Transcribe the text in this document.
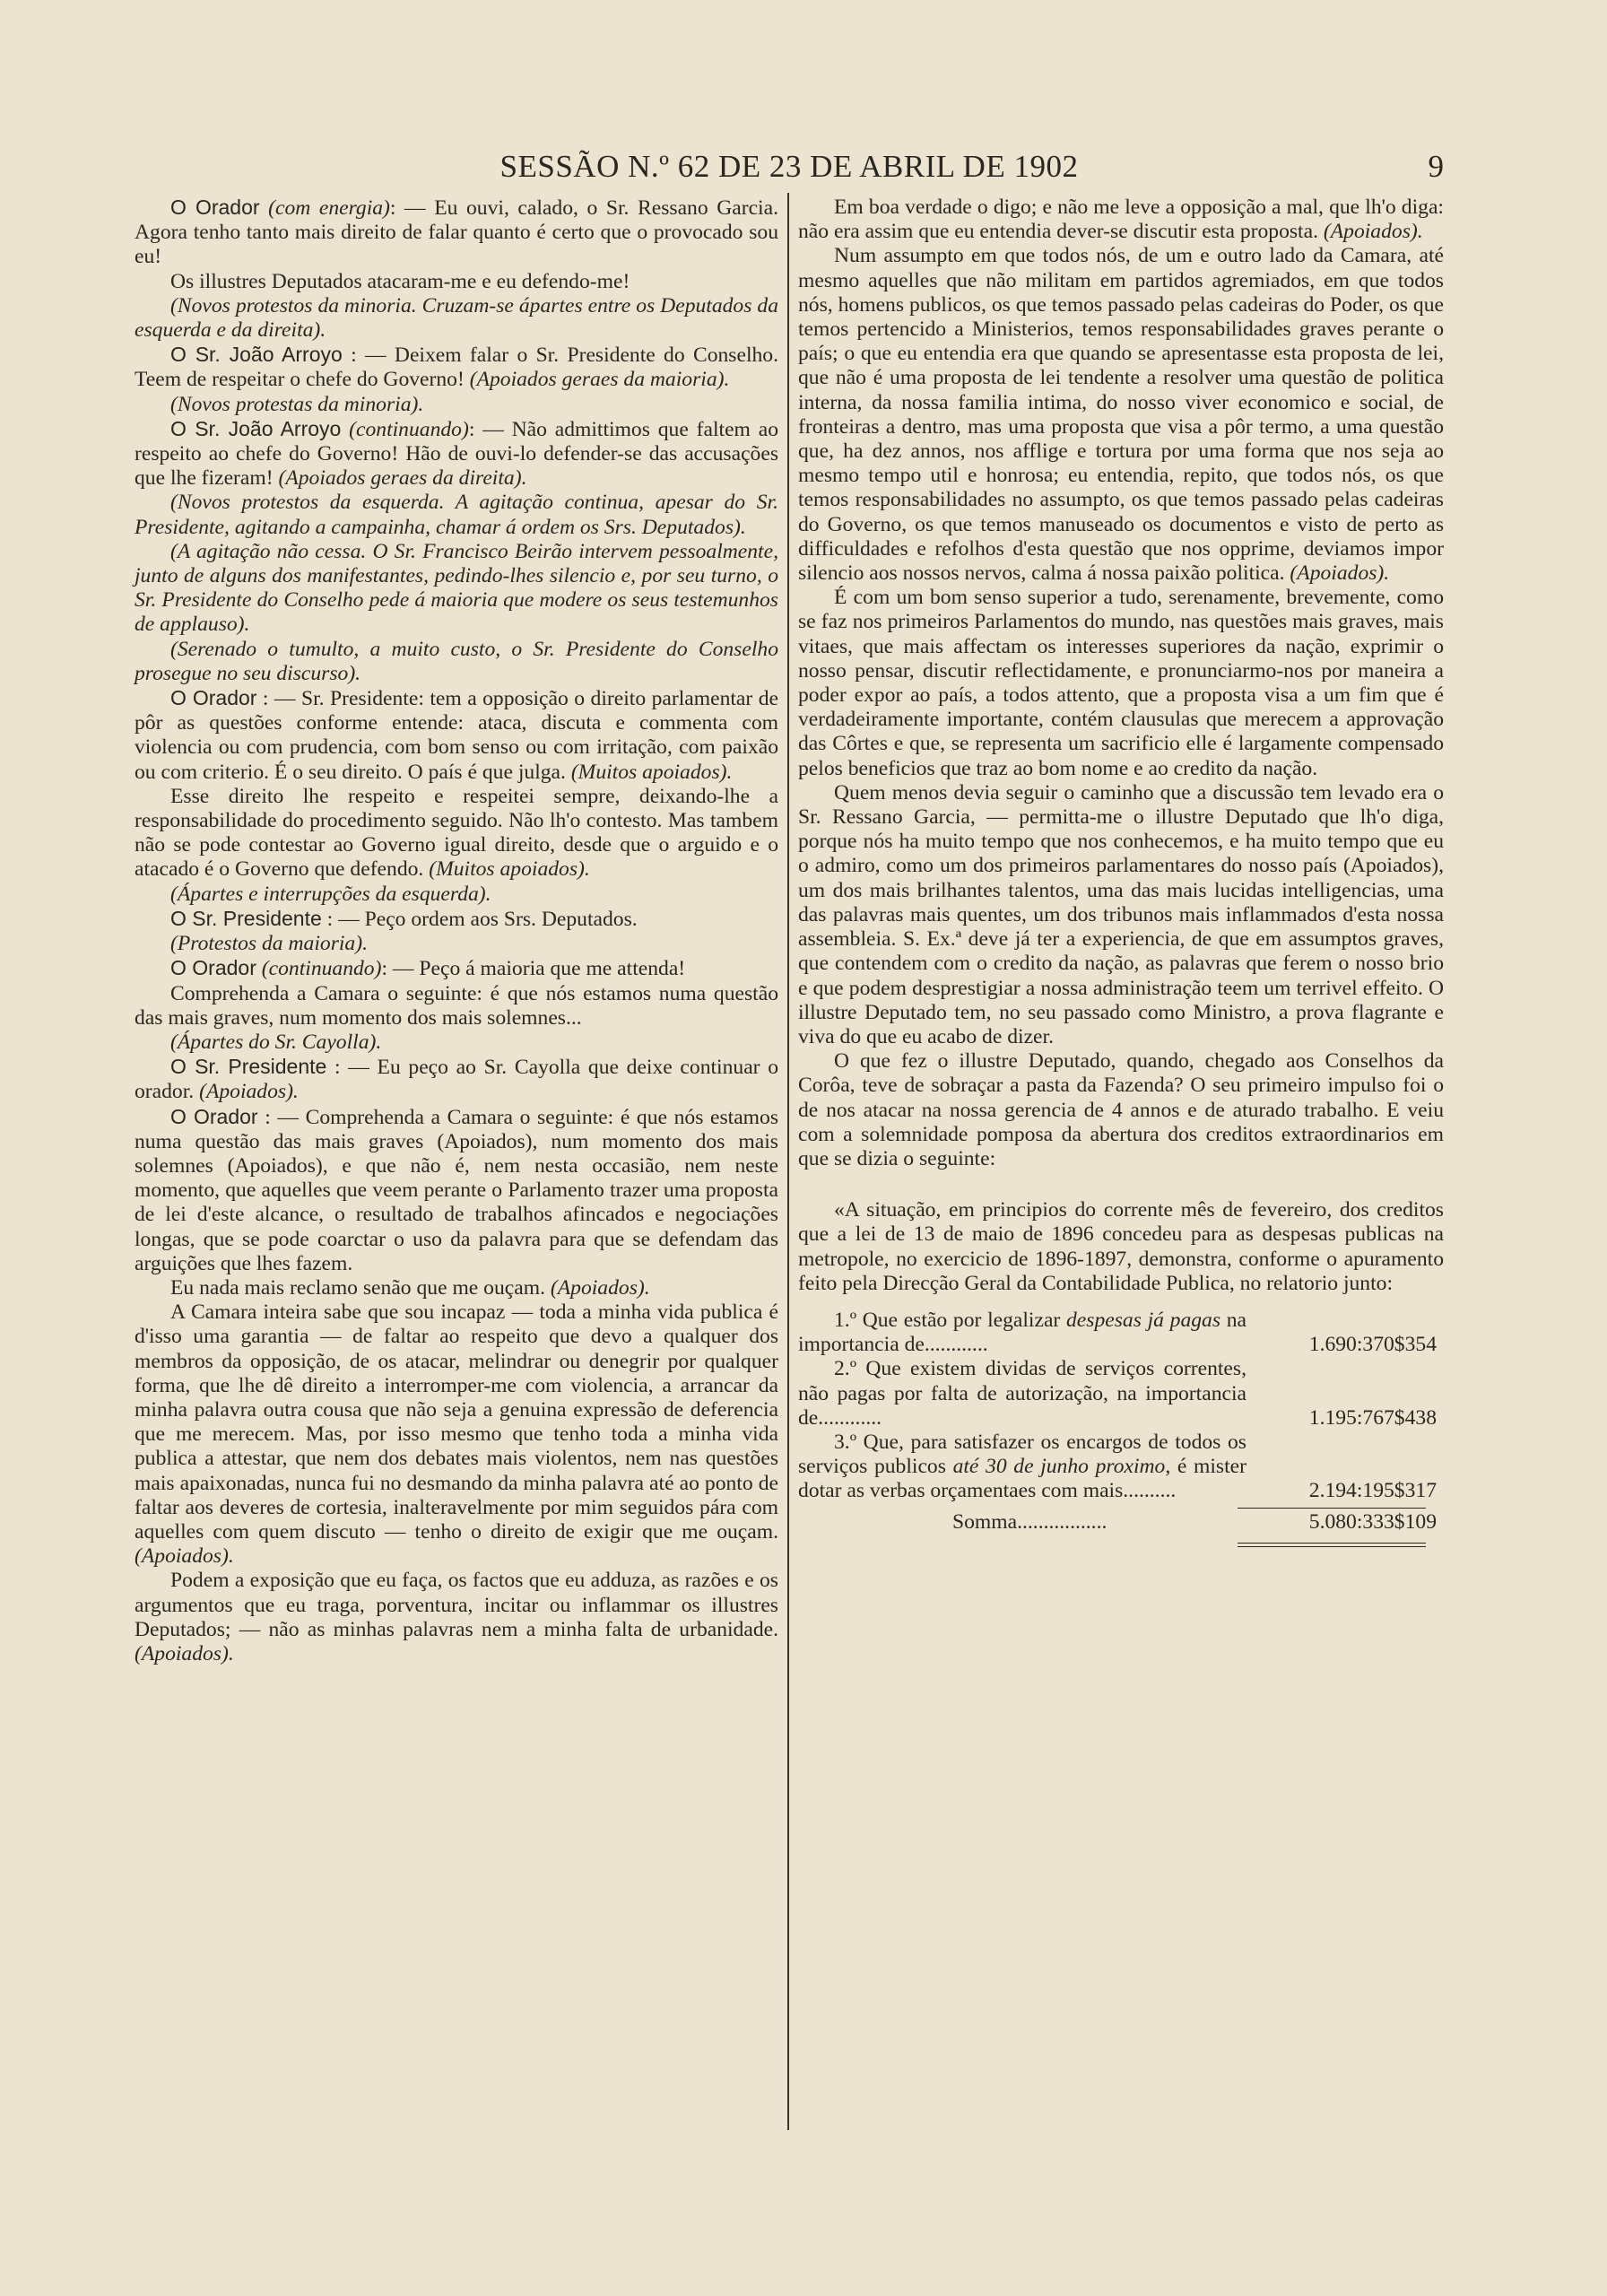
SESSÃO N.º 62 DE 23 DE ABRIL DE 1902	9

O Orador (com energia): — Eu ouvi, calado, o Sr. Ressano Garcia. Agora tenho tanto mais direito de falar quanto é certo que o provocado sou eu!

Os illustres Deputados atacaram-me e eu defendo-me!

(Novos protestos da minoria. Cruzam-se ápartes entre os Deputados da esquerda e da direita).

O Sr. João Arroyo : — Deixem falar o Sr. Presidente do Conselho. Teem de respeitar o chefe do Governo! (Apoiados geraes da maioria).

(Novos protestas da minoria).

O Sr. João Arroyo (continuando): — Não admittimos que faltem ao respeito ao chefe do Governo! Hão de ouvi-lo defender-se das accusações que lhe fizeram! (Apoiados geraes da direita).

(Novos protestos da esquerda. A agitação continua, apesar do Sr. Presidente, agitando a campainha, chamar á ordem os Srs. Deputados).

(A agitação não cessa. O Sr. Francisco Beirão intervem pessoalmente, junto de alguns dos manifestantes, pedindo-lhes silencio e, por seu turno, o Sr. Presidente do Conselho pede á maioria que modere os seus testemunhos de applauso).

(Serenado o tumulto, a muito custo, o Sr. Presidente do Conselho prosegue no seu discurso).

O Orador : — Sr. Presidente: tem a opposição o direito parlamentar de pôr as questões conforme entende: ataca, discuta e commenta com violencia ou com prudencia, com bom senso ou com irritação, com paixão ou com criterio. É o seu direito. O país é que julga. (Muitos apoiados).

Esse direito lhe respeito e respeitei sempre, deixando-lhe a responsabilidade do procedimento seguido. Não lh'o contesto. Mas tambem não se pode contestar ao Governo igual direito, desde que o arguido e o atacado é o Governo que defendo. (Muitos apoiados).

(Ápartes e interrupções da esquerda).

O Sr. Presidente : — Peço ordem aos Srs. Deputados.

(Protestos da maioria).

O Orador (continuando): — Peço á maioria que me attenda!

Comprehenda a Camara o seguinte: é que nós estamos numa questão das mais graves, num momento dos mais solemnes...

(Ápartes do Sr. Cayolla).

O Sr. Presidente : — Eu peço ao Sr. Cayolla que deixe continuar o orador. (Apoiados).

O Orador : — Comprehenda a Camara o seguinte: é que nós estamos numa questão das mais graves (Apoiados), num momento dos mais solemnes (Apoiados), e que não é, nem nesta occasião, nem neste momento, que aquelles que veem perante o Parlamento trazer uma proposta de lei d'este alcance, o resultado de trabalhos afincados e negociações longas, que se pode coarctar o uso da palavra para que se defendam das arguições que lhes fazem.

Eu nada mais reclamo senão que me ouçam. (Apoiados).

A Camara inteira sabe que sou incapaz — toda a minha vida publica é d'isso uma garantia — de faltar ao respeito que devo a qualquer dos membros da opposição, de os atacar, melindrar ou denegrir por qualquer forma, que lhe dê direito a interromper-me com violencia, a arrancar da minha palavra outra cousa que não seja a genuina expressão de deferencia que me merecem. Mas, por isso mesmo que tenho toda a minha vida publica a attestar, que nem dos debates mais violentos, nem nas questões mais apaixonadas, nunca fui no desmando da minha palavra até ao ponto de faltar aos deveres de cortesia, inalteravelmente por mim seguidos pára com aquelles com quem discuto — tenho o direito de exigir que me ouçam. (Apoiados).

Podem a exposição que eu faça, os factos que eu adduza, as razões e os argumentos que eu traga, porventura, incitar ou inflammar os illustres Deputados; — não as minhas palavras nem a minha falta de urbanidade. (Apoiados).

Em boa verdade o digo; e não me leve a opposição a mal, que lh'o diga: não era assim que eu entendia dever-se discutir esta proposta. (Apoiados).

Num assumpto em que todos nós, de um e outro lado da Camara, até mesmo aquelles que não militam em partidos agremiados, em que todos nós, homens publicos, os que temos passado pelas cadeiras do Poder, os que temos pertencido a Ministerios, temos responsabilidades graves perante o país; o que eu entendia era que quando se apresentasse esta proposta de lei, que não é uma proposta de lei tendente a resolver uma questão de politica interna, da nossa familia intima, do nosso viver economico e social, de fronteiras a dentro, mas uma proposta que visa a pôr termo, a uma questão que, ha dez annos, nos afflige e tortura por uma forma que nos seja ao mesmo tempo util e honrosa; eu entendia, repito, que todos nós, os que temos responsabilidades no assumpto, os que temos passado pelas cadeiras do Governo, os que temos manuseado os documentos e visto de perto as difficuldades e refolhos d'esta questão que nos opprime, deviamos impor silencio aos nossos nervos, calma á nossa paixão politica. (Apoiados).

É com um bom senso superior a tudo, serenamente, brevemente, como se faz nos primeiros Parlamentos do mundo, nas questões mais graves, mais vitaes, que mais affectam os interesses superiores da nação, exprimir o nosso pensar, discutir reflectidamente, e pronunciarmo-nos por maneira a poder expor ao país, a todos attento, que a proposta visa a um fim que é verdadeiramente importante, contém clausulas que merecem a approvação das Côrtes e que, se representa um sacrificio elle é largamente compensado pelos beneficios que traz ao bom nome e ao credito da nação.

Quem menos devia seguir o caminho que a discussão tem levado era o Sr. Ressano Garcia, — permitta-me o illustre Deputado que lh'o diga, porque nós ha muito tempo que nos conhecemos, e ha muito tempo que eu o admiro, como um dos primeiros parlamentares do nosso país (Apoiados), um dos mais brilhantes talentos, uma das mais lucidas intelligencias, uma das palavras mais quentes, um dos tribunos mais inflammados d'esta nossa assembleia. S. Ex.ª deve já ter a experiencia, de que em assumptos graves, que contendem com o credito da nação, as palavras que ferem o nosso brio e que podem desprestigiar a nossa administração teem um terrivel effeito. O illustre Deputado tem, no seu passado como Ministro, a prova flagrante e viva do que eu acabo de dizer.

O que fez o illustre Deputado, quando, chegado aos Conselhos da Corôa, teve de sobraçar a pasta da Fazenda? O seu primeiro impulso foi o de nos atacar na nossa gerencia de 4 annos e de aturado trabalho. E veiu com a solemnidade pomposa da abertura dos creditos extraordinarios em que se dizia o seguinte:

«A situação, em principios do corrente mês de fevereiro, dos creditos que a lei de 13 de maio de 1896 concedeu para as despesas publicas na metropole, no exercicio de 1896-1897, demonstra, conforme o apuramento feito pela Direcção Geral da Contabilidade Publica, no relatorio junto:

1.º Que estão por legalizar despesas já pagas na importancia de............	1.690:370$354
2.º Que existem dividas de serviços correntes, não pagas por falta de autorização, na importancia de............	1.195:767$438
3.º Que, para satisfazer os encargos de todos os serviços publicos até 30 de junho proximo, é mister dotar as verbas orçamentaes com mais..........	2.194:195$317
Somma.................	5.080:333$109
